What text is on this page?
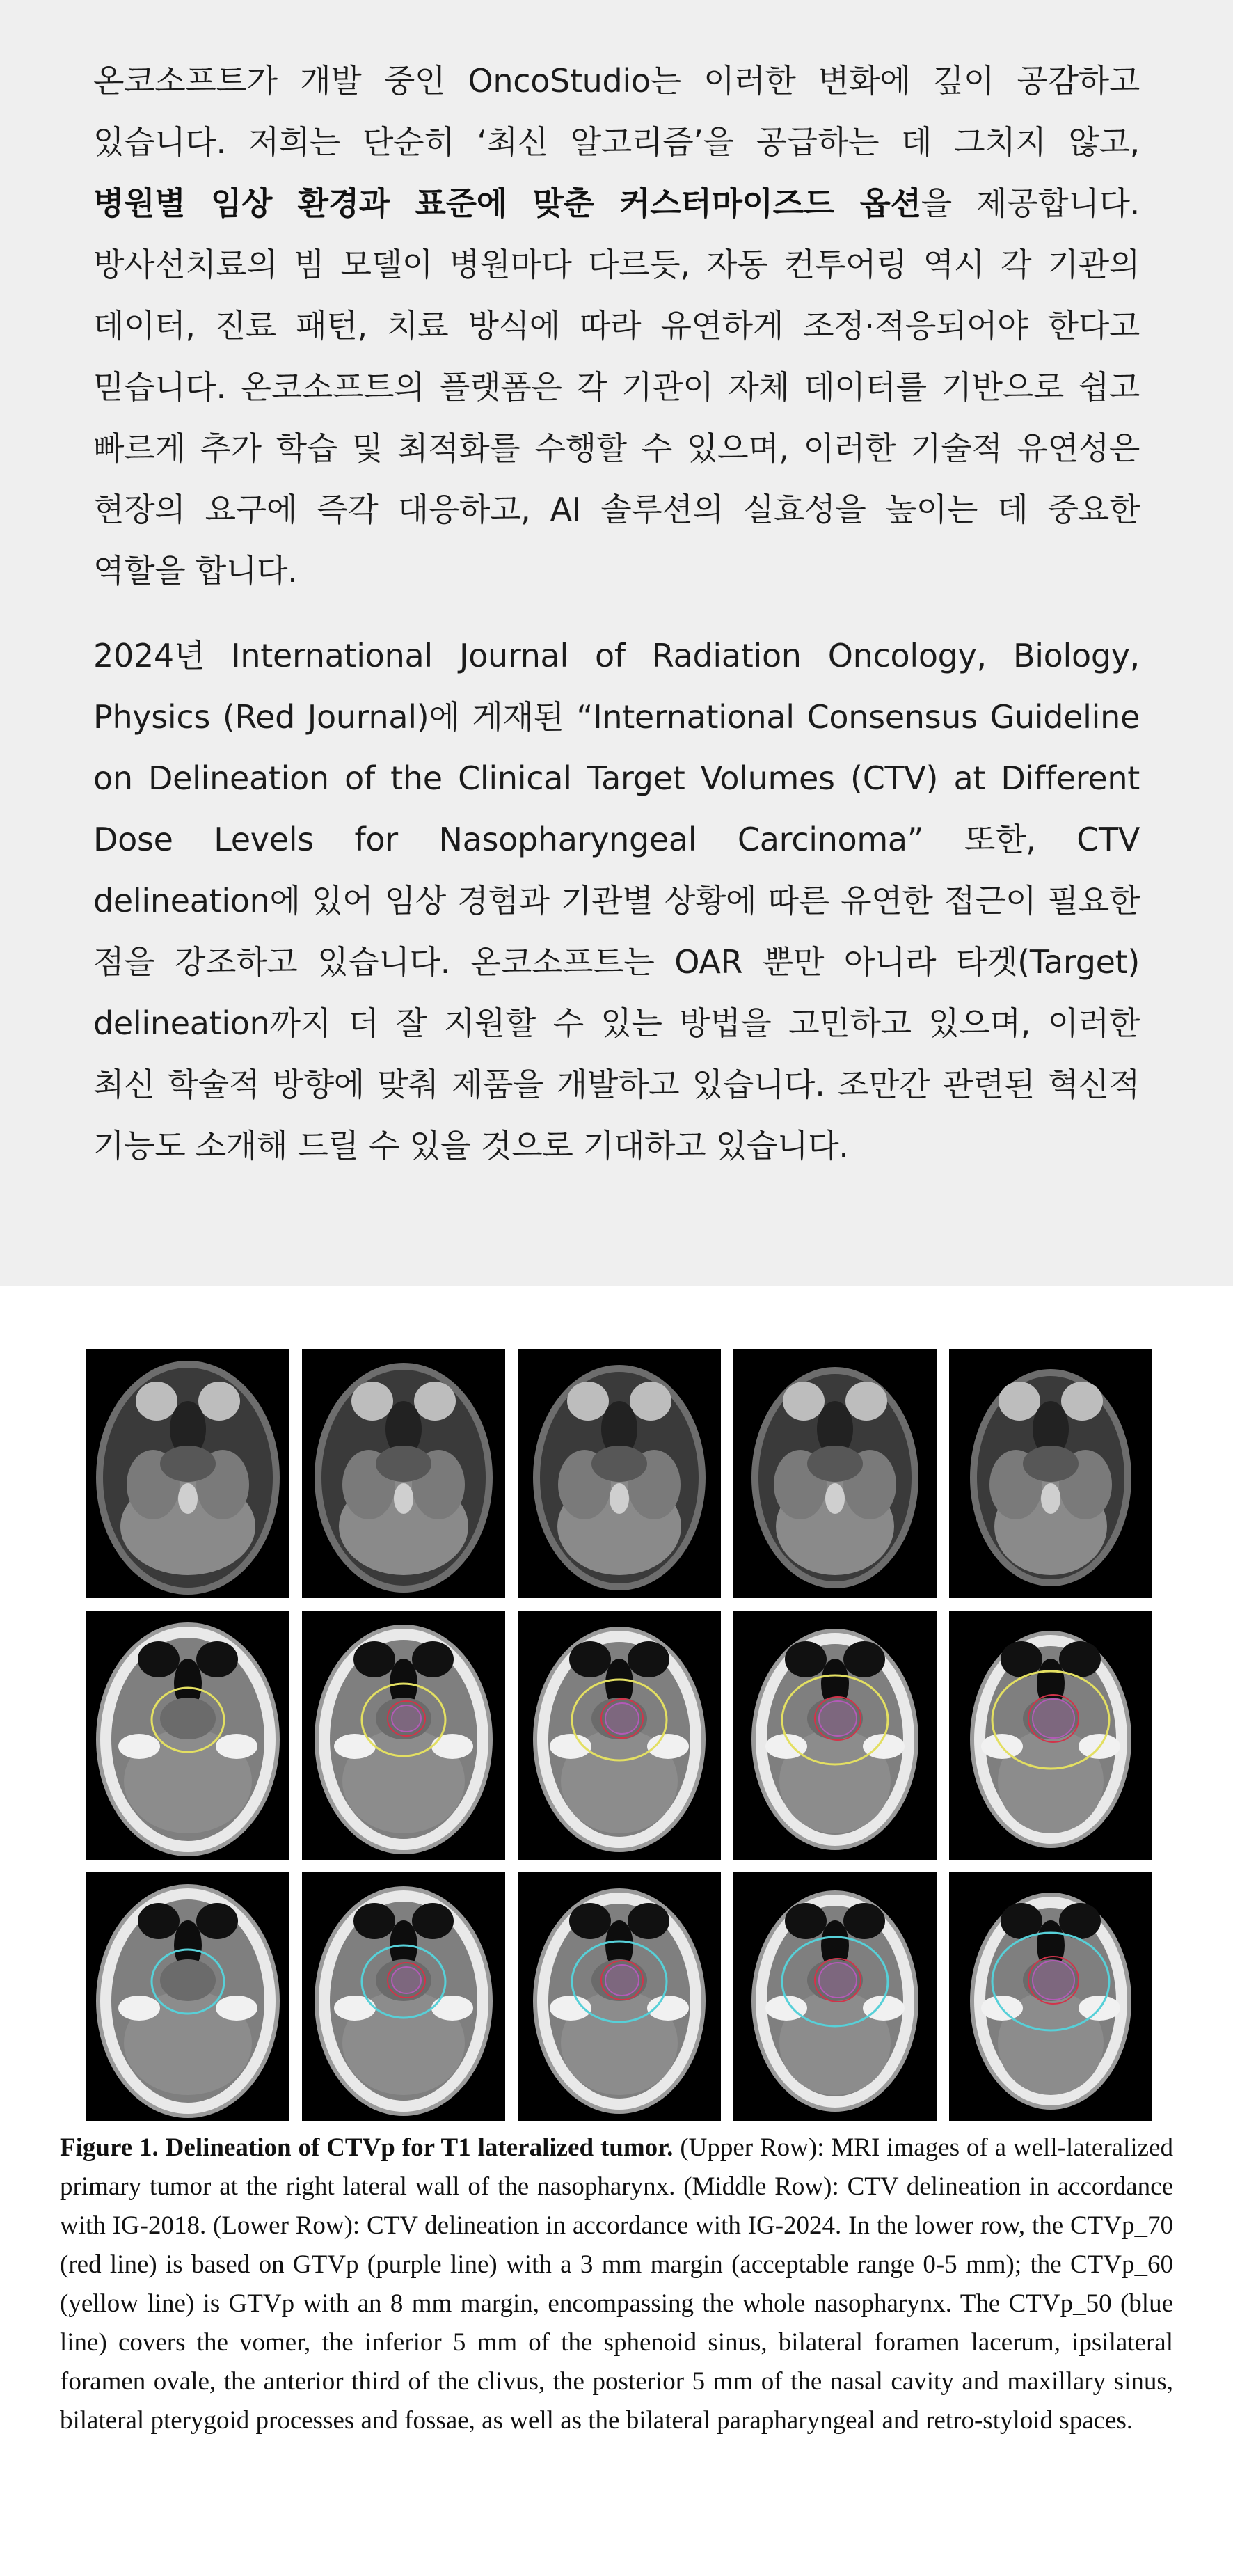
온코소프트가 개발 중인 OncoStudio는 이러한 변화에 깊이 공감하고 있습니다. 저희는 단순히 ‘최신 알고리즘’을 공급하는 데 그치지 않고, 병원별 임상 환경과 표준에 맞춘 커스터마이즈드 옵션을 제공합니다. 방사선치료의 빔 모델이 병원마다 다르듯, 자동 컨투어링 역시 각 기관의 데이터, 진료 패턴, 치료 방식에 따라 유연하게 조정·적응되어야 한다고 믿습니다. 온코소프트의 플랫폼은 각 기관이 자체 데이터를 기반으로 쉽고 빠르게 추가 학습 및 최적화를 수행할 수 있으며, 이러한 기술적 유연성은 현장의 요구에 즉각 대응하고, AI 솔루션의 실효성을 높이는 데 중요한 역할을 합니다.

2024년 International Journal of Radiation Oncology, Biology, Physics (Red Journal)에 게재된 “International Consensus Guideline on Delineation of the Clinical Target Volumes (CTV) at Different Dose Levels for Nasopharyngeal Carcinoma” 또한, CTV delineation에 있어 임상 경험과 기관별 상황에 따른 유연한 접근이 필요한 점을 강조하고 있습니다. 온코소프트는 OAR 뿐만 아니라 타겟(Target) delineation까지 더 잘 지원할 수 있는 방법을 고민하고 있으며, 이러한 최신 학술적 방향에 맞춰 제품을 개발하고 있습니다. 조만간 관련된 혁신적 기능도 소개해 드릴 수 있을 것으로 기대하고 있습니다.

Figure 1. Delineation of CTVp for T1 lateralized tumor. (Upper Row): MRI images of a well-lateralized primary tumor at the right lateral wall of the nasopharynx. (Middle Row): CTV delineation in accordance with IG-2018. (Lower Row): CTV delineation in accordance with IG-2024. In the lower row, the CTVp_70 (red line) is based on GTVp (purple line) with a 3 mm margin (acceptable range 0-5 mm); the CTVp_60 (yellow line) is GTVp with an 8 mm margin, encompassing the whole nasopharynx. The CTVp_50 (blue line) covers the vomer, the inferior 5 mm of the sphenoid sinus, bilateral foramen lacerum, ipsilateral foramen ovale, the anterior third of the clivus, the posterior 5 mm of the nasal cavity and maxillary sinus, bilateral pterygoid processes and fossae, as well as the bilateral parapharyngeal and retro-styloid spaces.
